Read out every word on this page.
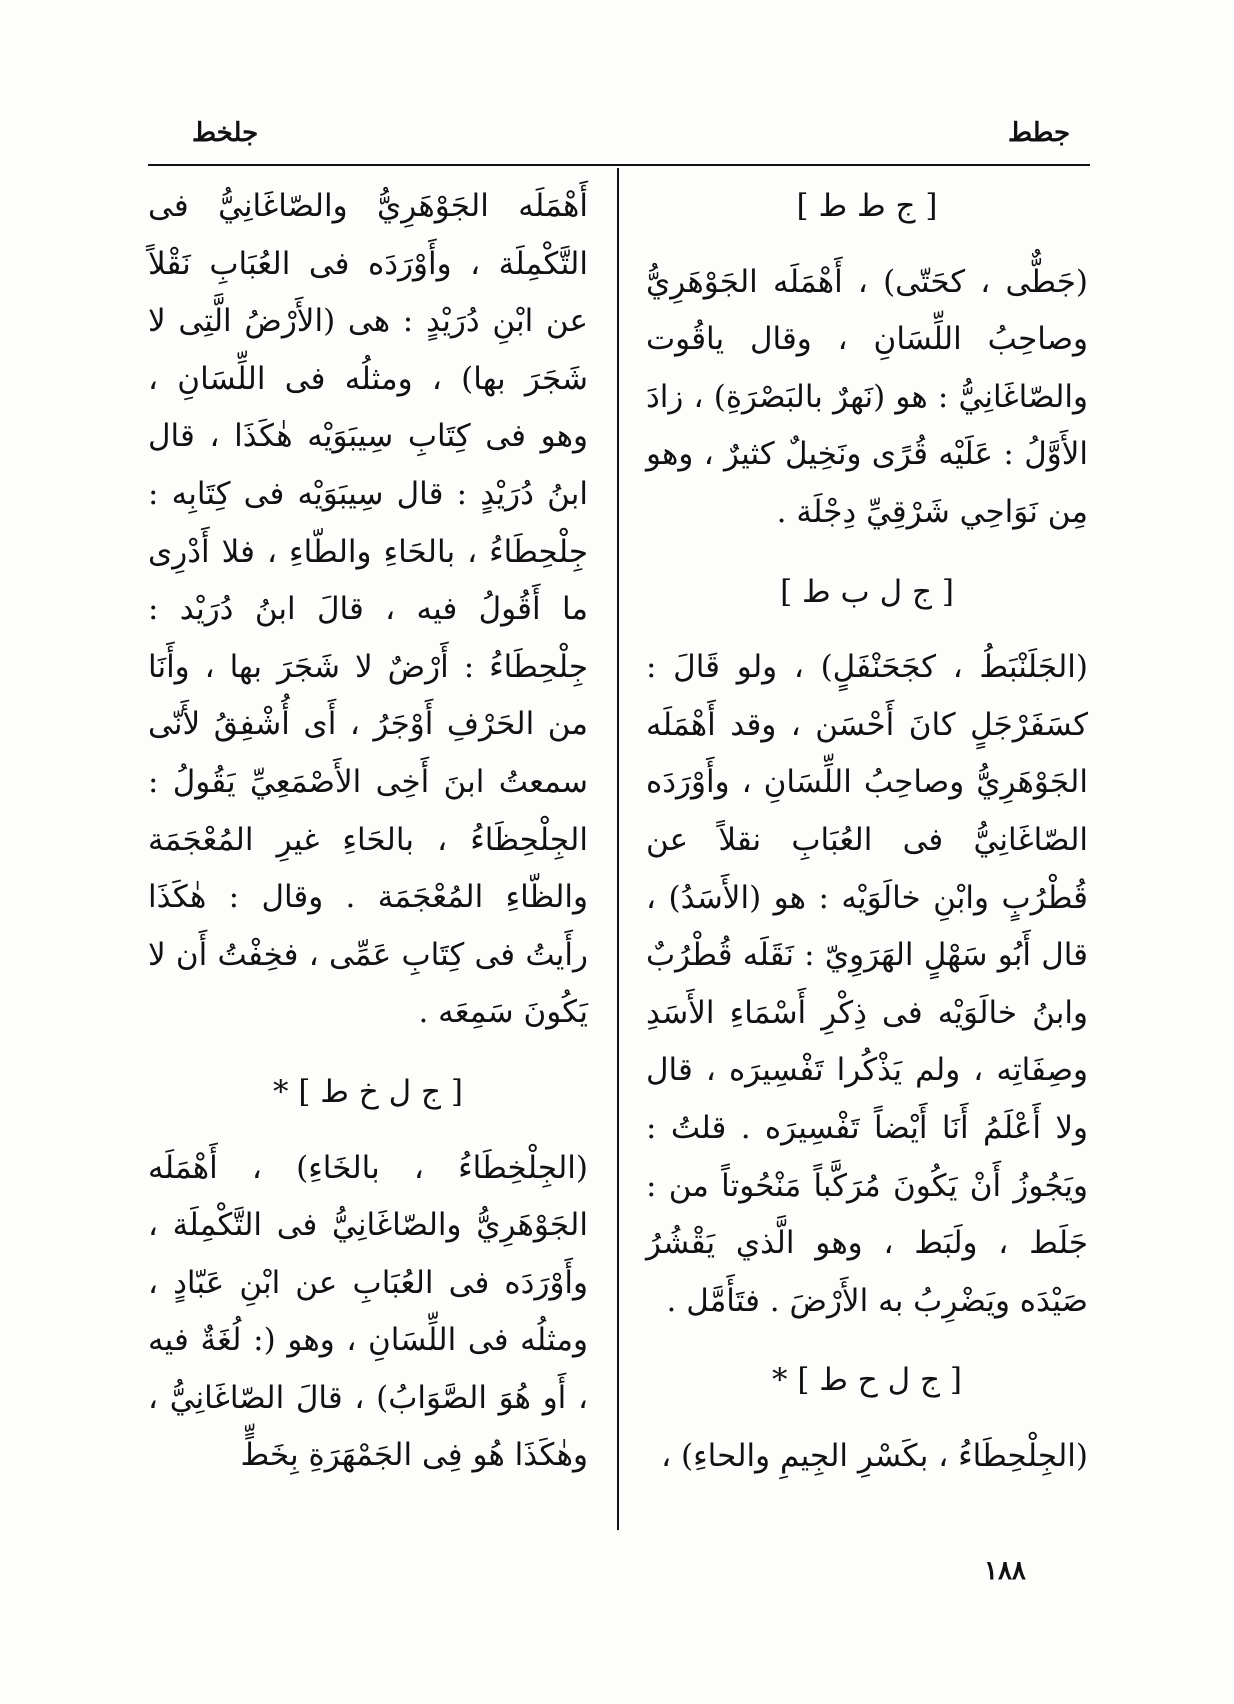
جطط
جلخط
[ ج ط ط ]

(جَطٌّى ، كحَتّى) ، أَهْمَلَه الجَوْهَرِيُّ وصاحِبُ اللِّسَانِ ، وقال ياقُوت والصّاغَانِيُّ : هو (نَهرٌ بالبَصْرَةِ) ، زادَ الأَوَّلُ : عَلَيْه قُرًى ونَخِيلٌ كثيرٌ ، وهو مِن نَوَاحِي شَرْقِيِّ دِجْلَة .

[ ج ل ب ط ]

(الجَلَنْبَطُ ، كجَحَنْفَلٍ) ، ولو قَالَ : كسَفَرْجَلٍ كانَ أَحْسَن ، وقد أَهْمَلَه الجَوْهَرِيُّ وصاحِبُ اللِّسَانِ ، وأَوْرَدَه الصّاغَانِيُّ فى العُبَابِ نقلاً عن قُطْرُبٍ وابْنِ خالَوَيْه : هو (الأَسَدُ) ، قال أَبُو سَهْلٍ الهَرَوِيّ : نَقَلَه قُطْرُبٌ وابنُ خالَوَيْه فى ذِكْرِ أَسْمَاءِ الأَسَدِ وصِفَاتِه ، ولم يَذْكُرا تَفْسِيرَه ، قال ولا أَعْلَمُ أَنَا أَيْضاً تَفْسِيرَه . قلتُ : ويَجُوزُ أَنْ يَكُونَ مُرَكَّباً مَنْحُوتاً من : جَلَط ، ولَبَط ، وهو الَّذي يَقْشُرُ صَيْدَه ويَضْرِبُ به الأَرْضَ . فتَأَمَّل .

[ ج ل ح ط ] *

(الجِلْحِطَاءُ ، بكَسْرِ الجِيمِ والحاءِ) ،

أَهْمَلَه الجَوْهَرِيُّ والصّاغَانِيُّ فى التَّكْمِلَة ، وأَوْرَدَه فى العُبَابِ نَقْلاً عن ابْنِ دُرَيْدٍ : هى (الأَرْضُ الَّتِى لا شَجَرَ بها) ، ومثلُه فى اللِّسَانِ ، وهو فى كِتَابِ سِيبَوَيْه هٰكَذَا ، قال ابنُ دُرَيْدٍ : قال سِيبَوَيْه فى كِتَابِه : جِلْحِطَاءُ ، بالحَاءِ والطّاءِ ، فلا أَدْرِى ما أَقُولُ فيه ، قالَ ابنُ دُرَيْد : جِلْحِطَاءُ : أَرْضٌ لا شَجَرَ بها ، وأَنَا من الحَرْفِ أَوْجَرُ ، أَى أُشْفِقُ لأَنّى سمعتُ ابنَ أَخِى الأَصْمَعِيِّ يَقُولُ : الجِلْحِظَاءُ ، بالحَاءِ غيرِ المُعْجَمَة والظّاءِ المُعْجَمَة . وقال : هٰكَذَا رأَيتُ فى كِتَابِ عَمِّى ، فخِفْتُ أَن لا يَكُونَ سَمِعَه .

[ ج ل خ ط ] *

(الجِلْخِطَاءُ ، بالخَاءِ) ، أَهْمَلَه الجَوْهَرِيُّ والصّاغَانِيُّ فى التَّكْمِلَة ، وأَوْرَدَه فى العُبَابِ عن ابْنِ عَبّادٍ ، ومثلُه فى اللِّسَانِ ، وهو (: لُغَةٌ فيه ، أَو هُوَ الصَّوَابُ) ، قالَ الصّاغَانِيُّ ، وهٰكَذَا هُو فِى الجَمْهَرَةِ بِخَطٍّ

١٨٨
